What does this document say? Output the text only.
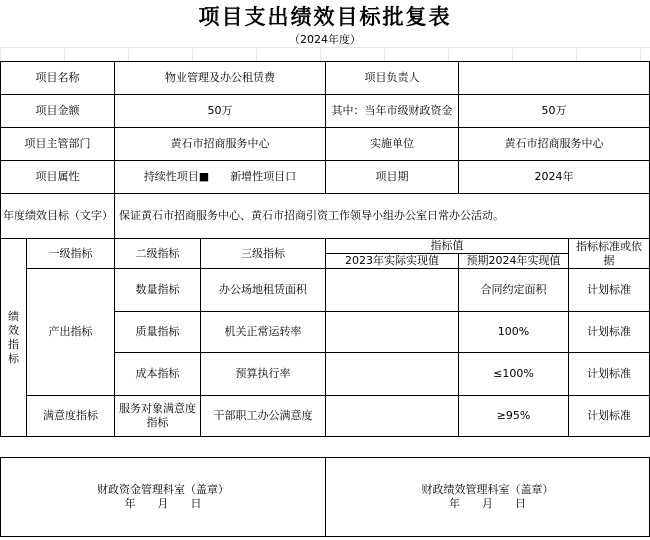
项目支出绩效目标批复表
（2024年度）
项目名称		物业管理及办公租赁费		项目负责人		
项目金额		50万		其中：当年市级财政资金	50万	
项目主管部门		黄石市招商服务中心		实施单位	黄石市招商服务中心	
项目属性		持续性项目■ 新增性项目口		项目期	2024年	
年度绩效目标（文字）		保证黄石市招商服务中心、黄石市招商引资工作领导小组办公室日常办公活动。				

绩效指标	一级指标	二级指标	三级指标	指标值		指标标准或依据
				2023年实际实现值	预期2024年实现值	
	产出指标	数量指标	办公场地租赁面积		合同约定面积	计划标准
		质量指标	机关正常运转率		100%	计划标准
		成本指标	预算执行率		≤100%	计划标准
	满意度指标	服务对象满意度指标	干部职工办公满意度		≥95%	计划标准
财政资金管理科室（盖章）
年　　月　　日

财政绩效管理科室（盖章）
年　　月　　日
